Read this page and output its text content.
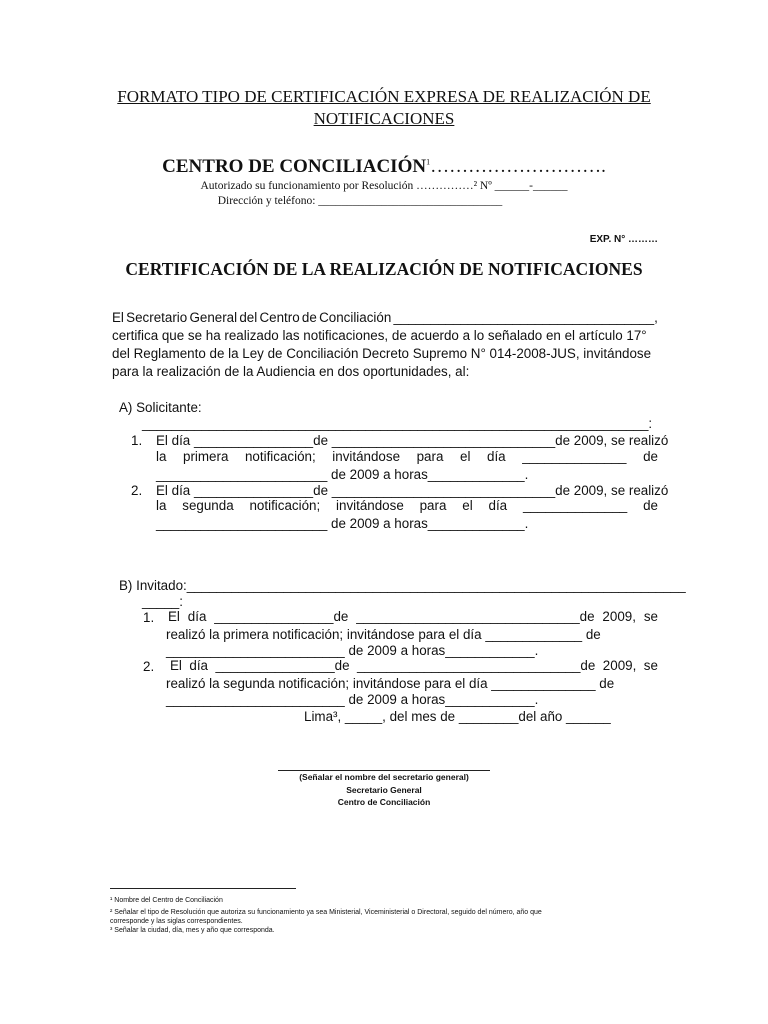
FORMATO TIPO DE CERTIFICACIÓN EXPRESA DE REALIZACIÓN DE
NOTIFICACIONES
CENTRO DE CONCILIACIÓN$^1$……………………….
Autorizado su funcionamiento por Resolución ……………² Nº ______-______
Dirección y teléfono: ________________________________
EXP. N° ………
CERTIFICACIÓN DE LA REALIZACIÓN DE NOTIFICACIONES
El Secretario General del Centro de Conciliación ___________________________________,
certifica que se ha realizado las notificaciones, de acuerdo a lo señalado en el artículo 17°
del Reglamento de la Ley de Conciliación Decreto Supremo N° 014-2008-JUS, invitándose
para la realización de la Audiencia en dos oportunidades, al:
A) Solicitante:
____________________________________________________________________:
1. El día ________________de ______________________________de 2009, se realizó
la primera notificación; invitándose para el día ______________ de
_______________________ de 2009 a horas_____________.
2. El día ________________de ______________________________de 2009, se realizó
la segunda notificación; invitándose para el día ______________ de
_______________________ de 2009 a horas_____________.
B) Invitado:___________________________________________________________________
_____:
1. El día ________________de ______________________________de 2009, se
realizó la primera notificación; invitándose para el día _____________ de
________________________ de 2009 a horas____________.
2. El día ________________de ______________________________de 2009, se
realizó la segunda notificación; invitándose para el día ______________ de
________________________ de 2009 a horas____________.
Lima³, _____, del mes de ________del año ______
(Señalar el nombre del secretario general)
Secretario General
Centro de Conciliación
¹ Nombre del Centro de Conciliación
² Señalar el tipo de Resolución que autoriza su funcionamiento ya sea Ministerial, Viceministerial o Directoral, seguido del número, año que
corresponde y las siglas correspondientes.
³ Señalar la ciudad, día, mes y año que corresponda.
